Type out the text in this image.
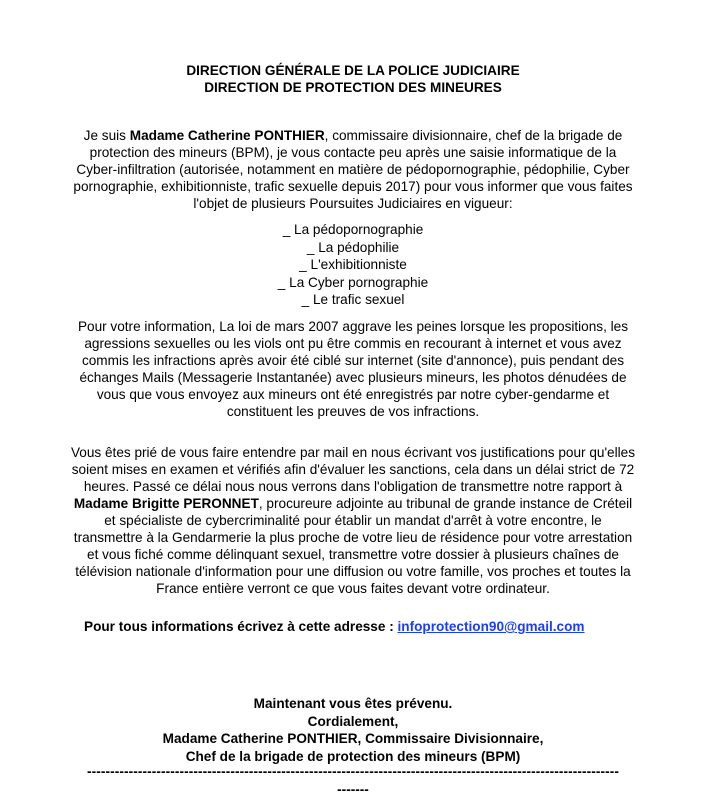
DIRECTION GÉNÉRALE DE LA POLICE JUDICIAIRE
DIRECTION DE PROTECTION DES MINEURES
Je suis Madame Catherine PONTHIER, commissaire divisionnaire, chef de la brigade de protection des mineurs (BPM), je vous contacte peu après une saisie informatique de la Cyber-infiltration (autorisée, notamment en matière de pédopornographie, pédophilie, Cyber pornographie, exhibitionniste, trafic sexuelle depuis 2017) pour vous informer que vous faites l'objet de plusieurs Poursuites Judiciaires en vigueur:
_ La pédopornographie
_ La pédophilie
_ L'exhibitionniste
_ La Cyber pornographie
_ Le trafic sexuel
Pour votre information, La loi de mars 2007 aggrave les peines lorsque les propositions, les agressions sexuelles ou les viols ont pu être commis en recourant à internet et vous avez commis les infractions après avoir été ciblé sur internet (site d'annonce), puis pendant des échanges Mails (Messagerie Instantanée) avec plusieurs mineurs, les photos dénudées de vous que vous envoyez aux mineurs ont été enregistrés par notre cyber-gendarme et constituent les preuves de vos infractions.
Vous êtes prié de vous faire entendre par mail en nous écrivant vos justifications pour qu'elles soient mises en examen et vérifiés afin d'évaluer les sanctions, cela dans un délai strict de 72 heures. Passé ce délai nous nous verrons dans l'obligation de transmettre notre rapport à Madame Brigitte PERONNET, procureure adjointe au tribunal de grande instance de Créteil et spécialiste de cybercriminalité pour établir un mandat d'arrêt à votre encontre, le transmettre à la Gendarmerie la plus proche de votre lieu de résidence pour votre arrestation et vous fiché comme délinquant sexuel, transmettre votre dossier à plusieurs chaînes de télévision nationale d'information pour une diffusion ou votre famille, vos proches et toutes la France entière verront ce que vous faites devant votre ordinateur.
Pour tous informations écrivez à cette adresse : infoprotection90@gmail.com
Maintenant vous êtes prévenu.
Cordialement,
Madame Catherine PONTHIER, Commissaire Divisionnaire,
Chef de la brigade de protection des mineurs (BPM)
-------------------------------------------------------------------------------------------------------------------
-------
